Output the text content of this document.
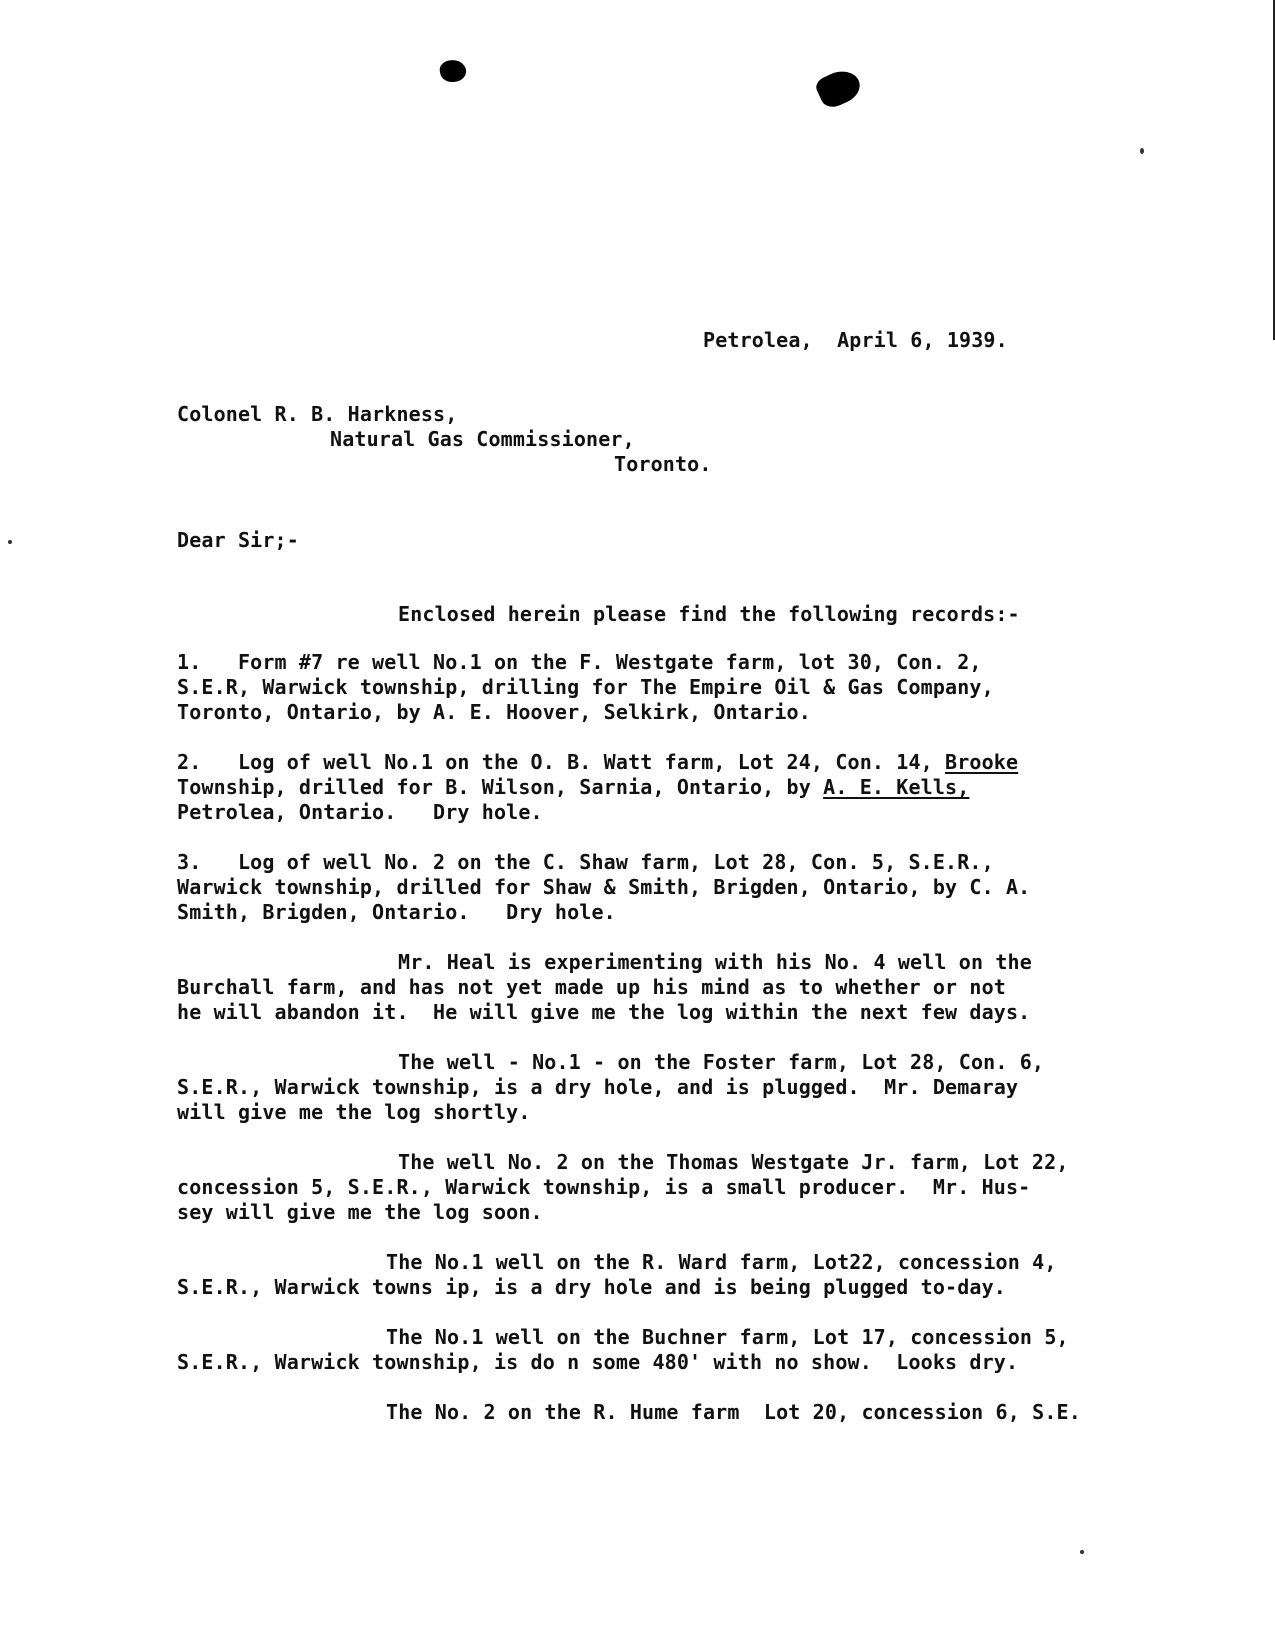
Petrolea,  April 6, 1939.
Colonel R. B. Harkness,
Natural Gas Commissioner,
Toronto.
Dear Sir;-
Enclosed herein please find the following records:-
1.   Form #7 re well No.1 on the F. Westgate farm, lot 30, Con. 2,
S.E.R, Warwick township, drilling for The Empire Oil & Gas Company,
Toronto, Ontario, by A. E. Hoover, Selkirk, Ontario.
2.   Log of well No.1 on the O. B. Watt farm, Lot 24, Con. 14, Brooke
Township, drilled for B. Wilson, Sarnia, Ontario, by A. E. Kells,
Petrolea, Ontario.   Dry hole.
3.   Log of well No. 2 on the C. Shaw farm, Lot 28, Con. 5, S.E.R.,
Warwick township, drilled for Shaw & Smith, Brigden, Ontario, by C. A.
Smith, Brigden, Ontario.   Dry hole.
Mr. Heal is experimenting with his No. 4 well on the
Burchall farm, and has not yet made up his mind as to whether or not
he will abandon it.  He will give me the log within the next few days.
The well - No.1 - on the Foster farm, Lot 28, Con. 6,
S.E.R., Warwick township, is a dry hole, and is plugged.  Mr. Demaray
will give me the log shortly.
The well No. 2 on the Thomas Westgate Jr. farm, Lot 22,
concession 5, S.E.R., Warwick township, is a small producer.  Mr. Hus-
sey will give me the log soon.
The No.1 well on the R. Ward farm, Lot22, concession 4,
S.E.R., Warwick towns ip, is a dry hole and is being plugged to-day.
The No.1 well on the Buchner farm, Lot 17, concession 5,
S.E.R., Warwick township, is do n some 480' with no show.  Looks dry.
The No. 2 on the R. Hume farm  Lot 20, concession 6, S.E.
